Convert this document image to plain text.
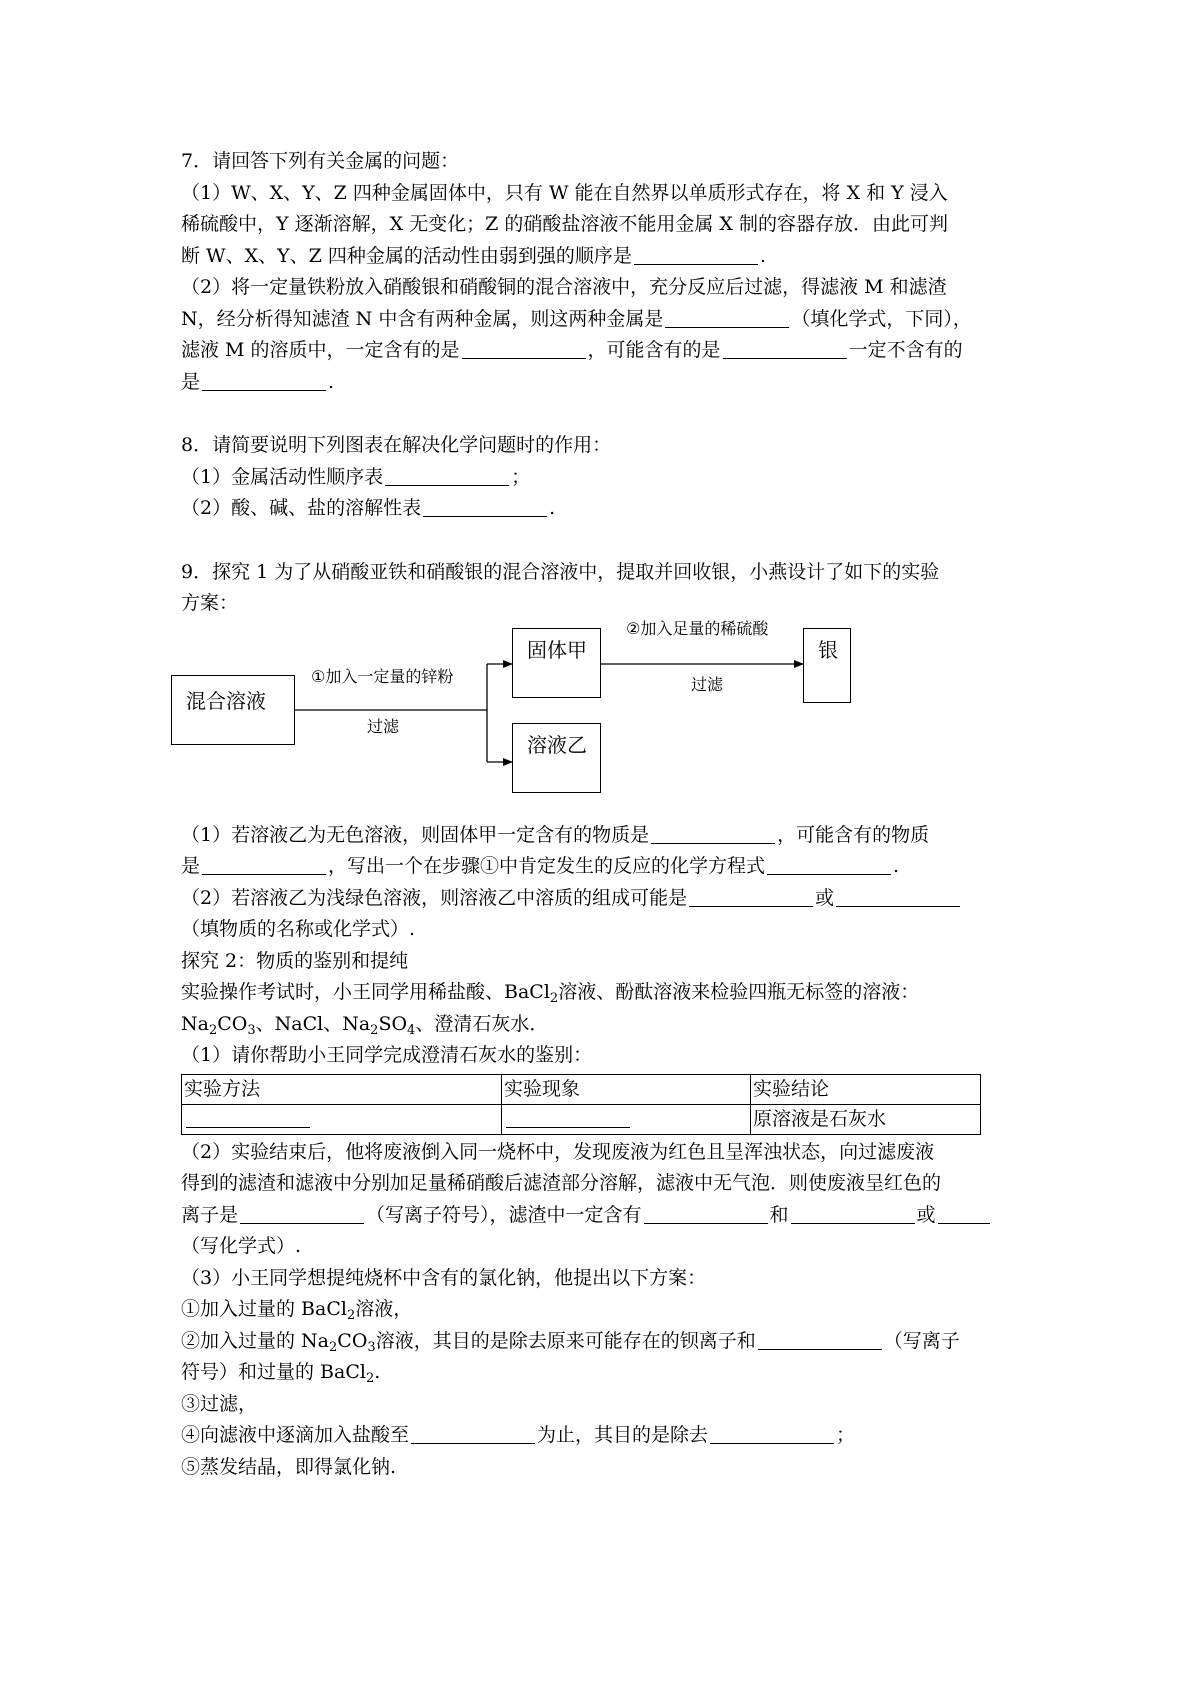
7．请回答下列有关金属的问题：

（1）W、X、Y、Z 四种金属固体中，只有 W 能在自然界以单质形式存在，将 X 和 Y 浸入

稀硫酸中，Y 逐渐溶解，X 无变化；Z 的硝酸盐溶液不能用金属 X 制的容器存放．由此可判

断 W、X、Y、Z 四种金属的活动性由弱到强的顺序是	.

（2）将一定量铁粉放入硝酸银和硝酸铜的混合溶液中，充分反应后过滤，得滤液 M 和滤渣

N，经分析得知滤渣 N 中含有两种金属，则这两种金属是	（填化学式，下同），

滤液 M 的溶质中，一定含有的是	，可能含有的是	一定不含有的

是	.

8．请简要说明下列图表在解决化学问题时的作用：

（1）金属活动性顺序表	；

（2）酸、碱、盐的溶解性表	.

9．探究 1 为了从硝酸亚铁和硝酸银的混合溶液中，提取并回收银，小燕设计了如下的实验

方案：

混合溶液
固体甲
溶液乙
银
①加入一定量的锌粉
过滤
②加入足量的稀硫酸
过滤

（1）若溶液乙为无色溶液，则固体甲一定含有的物质是	，可能含有的物质

是	，写出一个在步骤①中肯定发生的反应的化学方程式	.

（2）若溶液乙为浅绿色溶液，则溶液乙中溶质的组成可能是	或

（填物质的名称或化学式）.

探究 2：物质的鉴别和提纯

实验操作考试时，小王同学用稀盐酸、BaCl$_2$溶液、酚酞溶液来检验四瓶无标签的溶液：

$Na_2CO_3$、NaCl、$Na_2SO_4$、澄清石灰水．

（1）请你帮助小王同学完成澄清石灰水的鉴别：

实验方法	实验现象	实验结论
		原溶液是石灰水

（2）实验结束后，他将废液倒入同一烧杯中，发现废液为红色且呈浑浊状态，向过滤废液

得到的滤渣和滤液中分别加足量稀硝酸后滤渣部分溶解，滤液中无气泡．则使废液呈红色的

离子是	（写离子符号），滤渣中一定含有	和	或

（写化学式）.

（3）小王同学想提纯烧杯中含有的氯化钠，他提出以下方案：

①加入过量的 BaCl$_2$溶液，

②加入过量的 $Na_2CO_3$溶液，其目的是除去原来可能存在的钡离子和	（写离子

符号）和过量的 BaCl$_2$.

③过滤，

④向滤液中逐滴加入盐酸至	为止，其目的是除去	；

⑤蒸发结晶，即得氯化钠.
